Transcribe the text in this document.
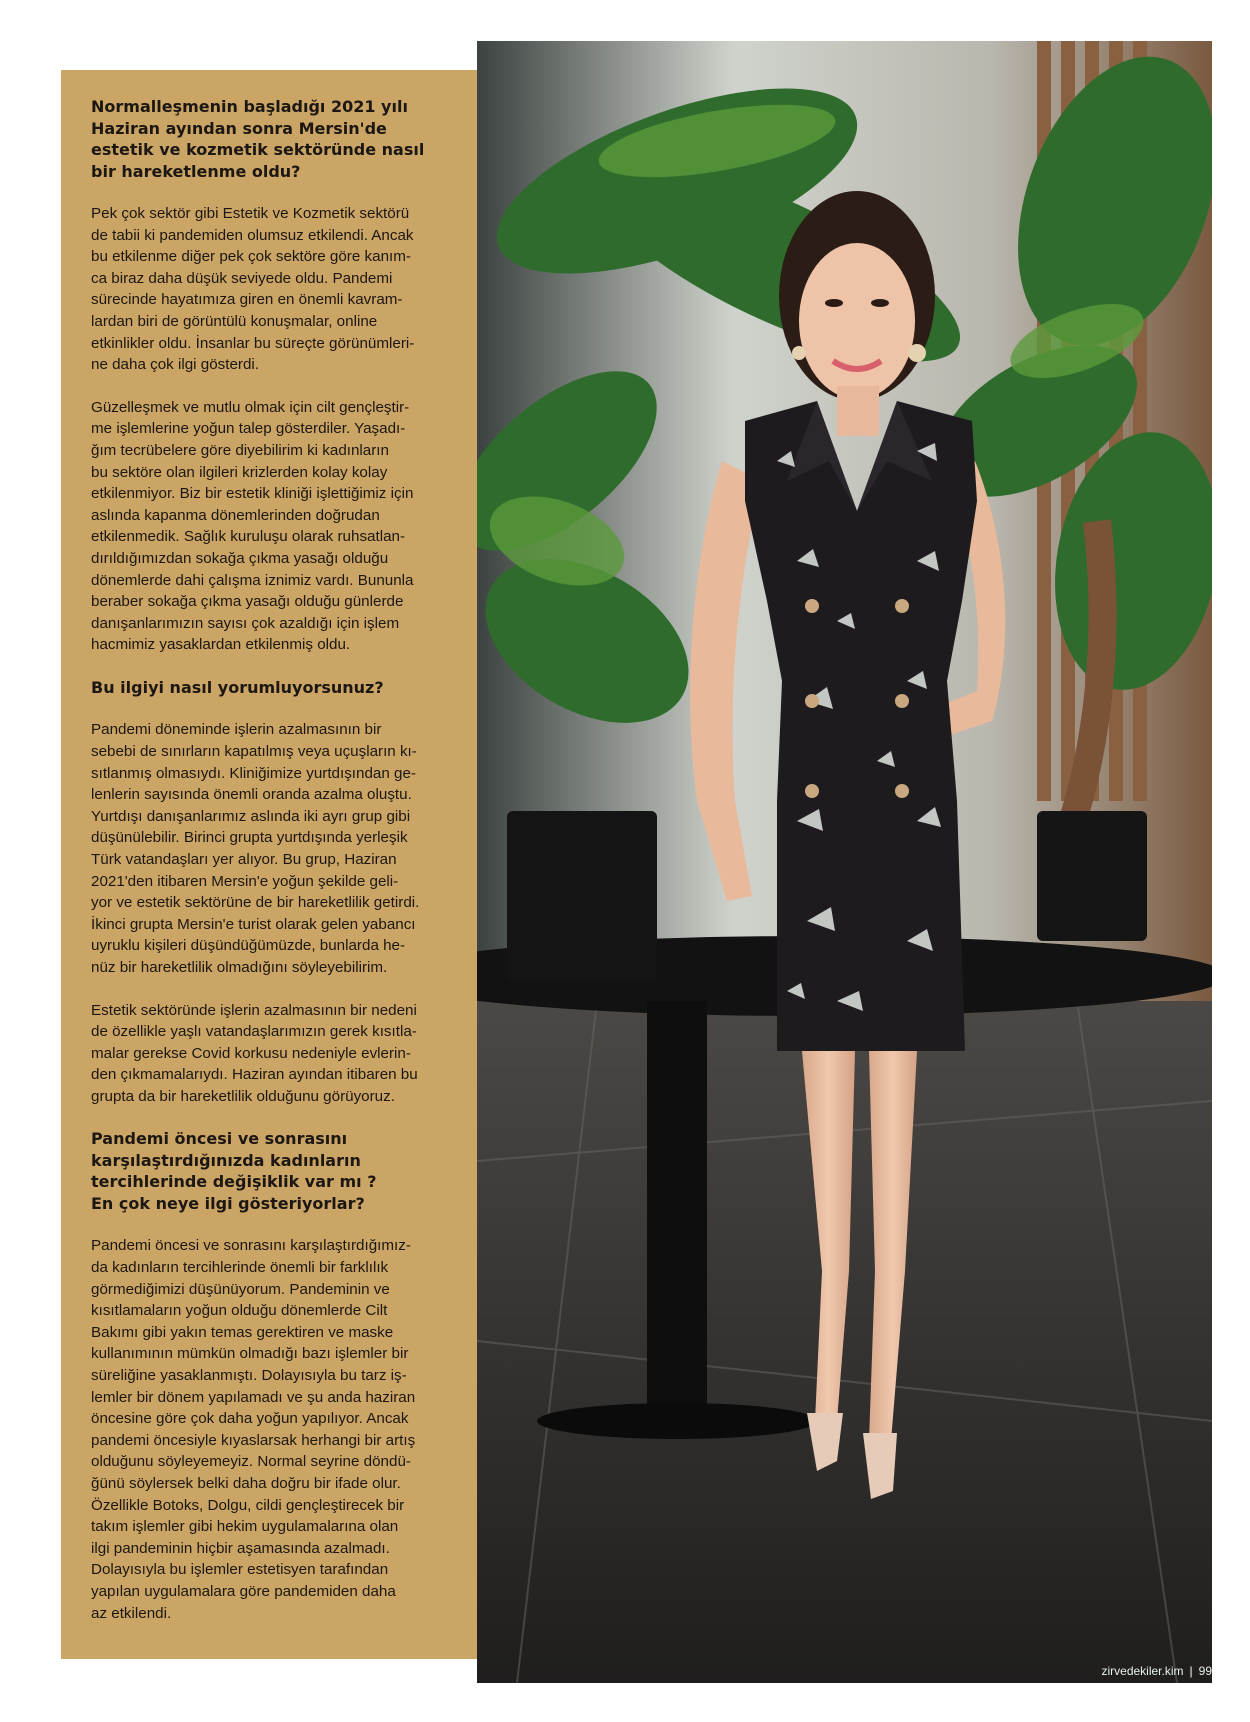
Normalleşmenin başladığı 2021 yılı
Haziran ayından sonra Mersin'de
estetik ve kozmetik sektöründe nasıl
bir hareketlenme oldu?
Pek çok sektör gibi Estetik ve Kozmetik sektörü
de tabii ki pandemiden olumsuz etkilendi. Ancak
bu etkilenme diğer pek çok sektöre göre kanım-
ca biraz daha düşük seviyede oldu. Pandemi
sürecinde hayatımıza giren en önemli kavram-
lardan biri de görüntülü konuşmalar, online
etkinlikler oldu. İnsanlar bu süreçte görünümleri-
ne daha çok ilgi gösterdi.
Güzelleşmek ve mutlu olmak için cilt gençleştir-
me işlemlerine yoğun talep gösterdiler. Yaşadı-
ğım tecrübelere göre diyebilirim ki kadınların
bu sektöre olan ilgileri krizlerden kolay kolay
etkilenmiyor. Biz bir estetik kliniği işlettiğimiz için
aslında kapanma dönemlerinden doğrudan
etkilenmedik. Sağlık kuruluşu olarak ruhsatlan-
dırıldığımızdan sokağa çıkma yasağı olduğu
dönemlerde dahi çalışma iznimiz vardı. Bununla
beraber sokağa çıkma yasağı olduğu günlerde
danışanlarımızın sayısı çok azaldığı için işlem
hacmimiz yasaklardan etkilenmiş oldu.
Bu ilgiyi nasıl yorumluyorsunuz?
Pandemi döneminde işlerin azalmasının bir
sebebi de sınırların kapatılmış veya uçuşların kı-
sıtlanmış olmasıydı. Kliniğimize yurtdışından ge-
lenlerin sayısında önemli oranda azalma oluştu.
Yurtdışı danışanlarımız aslında iki ayrı grup gibi
düşünülebilir. Birinci grupta yurtdışında yerleşik
Türk vatandaşları yer alıyor. Bu grup, Haziran
2021'den itibaren Mersin'e yoğun şekilde geli-
yor ve estetik sektörüne de bir hareketlilik getirdi.
İkinci grupta Mersin'e turist olarak gelen yabancı
uyruklu kişileri düşündüğümüzde, bunlarda he-
nüz bir hareketlilik olmadığını söyleyebilirim.
Estetik sektöründe işlerin azalmasının bir nedeni
de özellikle yaşlı vatandaşlarımızın gerek kısıtla-
malar gerekse Covid korkusu nedeniyle evlerin-
den çıkmamalarıydı. Haziran ayından itibaren bu
grupta da bir hareketlilik olduğunu görüyoruz.
Pandemi öncesi ve sonrasını
karşılaştırdığınızda kadınların
tercihlerinde değişiklik var mı ?
En çok neye ilgi gösteriyorlar?
Pandemi öncesi ve sonrasını karşılaştırdığımız-
da kadınların tercihlerinde önemli bir farklılık
görmediğimizi düşünüyorum. Pandeminin ve
kısıtlamaların yoğun olduğu dönemlerde Cilt
Bakımı gibi yakın temas gerektiren ve maske
kullanımının mümkün olmadığı bazı işlemler bir
süreliğine yasaklanmıştı. Dolayısıyla bu tarz iş-
lemler bir dönem yapılamadı ve şu anda haziran
öncesine göre çok daha yoğun yapılıyor. Ancak
pandemi öncesiyle kıyaslarsak herhangi bir artış
olduğunu söyleyemeyiz. Normal seyrine döndü-
ğünü söylersek belki daha doğru bir ifade olur.
Özellikle Botoks, Dolgu, cildi gençleştirecek bir
takım işlemler gibi hekim uygulamalarına olan
ilgi pandeminin hiçbir aşamasında azalmadı.
Dolayısıyla bu işlemler estetisyen tarafından
yapılan uygulamalara göre pandemiden daha
az etkilendi.
zirvedekiler.kim | 99
